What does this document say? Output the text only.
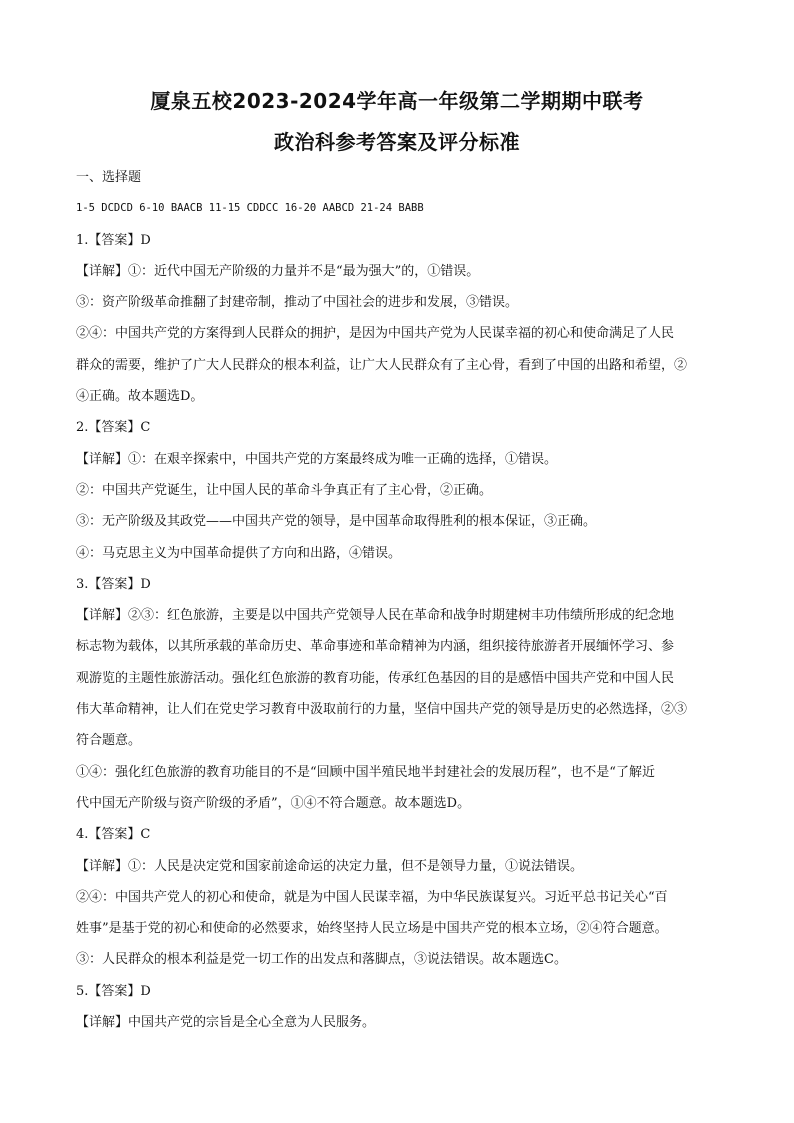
厦泉五校2023-2024学年高一年级第二学期期中联考
政治科参考答案及评分标准
一、选择题
1-5 DCDCD 6-10 BAACB 11-15 CDDCC 16-20 AABCD 21-24 BABB
1.【答案】D
【详解】①：近代中国无产阶级的力量并不是“最为强大”的，①错误。
③：资产阶级革命推翻了封建帝制，推动了中国社会的进步和发展，③错误。
②④：中国共产党的方案得到人民群众的拥护，是因为中国共产党为人民谋幸福的初心和使命满足了人民
群众的需要，维护了广大人民群众的根本利益，让广大人民群众有了主心骨，看到了中国的出路和希望，②
④正确。故本题选D。
2.【答案】C
【详解】①：在艰辛探索中，中国共产党的方案最终成为唯一正确的选择，①错误。
②：中国共产党诞生，让中国人民的革命斗争真正有了主心骨，②正确。
③：无产阶级及其政党——中国共产党的领导，是中国革命取得胜利的根本保证，③正确。
④：马克思主义为中国革命提供了方向和出路，④错误。
3.【答案】D
【详解】②③：红色旅游，主要是以中国共产党领导人民在革命和战争时期建树丰功伟绩所形成的纪念地
标志物为载体，以其所承载的革命历史、革命事迹和革命精神为内涵，组织接待旅游者开展缅怀学习、参
观游览的主题性旅游活动。强化红色旅游的教育功能，传承红色基因的目的是感悟中国共产党和中国人民
伟大革命精神，让人们在党史学习教育中汲取前行的力量，坚信中国共产党的领导是历史的必然选择，②③
符合题意。
①④：强化红色旅游的教育功能目的不是“回顾中国半殖民地半封建社会的发展历程”，也不是“了解近
代中国无产阶级与资产阶级的矛盾”，①④不符合题意。故本题选D。
4.【答案】C
【详解】①：人民是决定党和国家前途命运的决定力量，但不是领导力量，①说法错误。
②④：中国共产党人的初心和使命，就是为中国人民谋幸福，为中华民族谋复兴。习近平总书记关心“百
姓事”是基于党的初心和使命的必然要求，始终坚持人民立场是中国共产党的根本立场，②④符合题意。
③：人民群众的根本利益是党一切工作的出发点和落脚点，③说法错误。故本题选C。
5.【答案】D
【详解】中国共产党的宗旨是全心全意为人民服务。
